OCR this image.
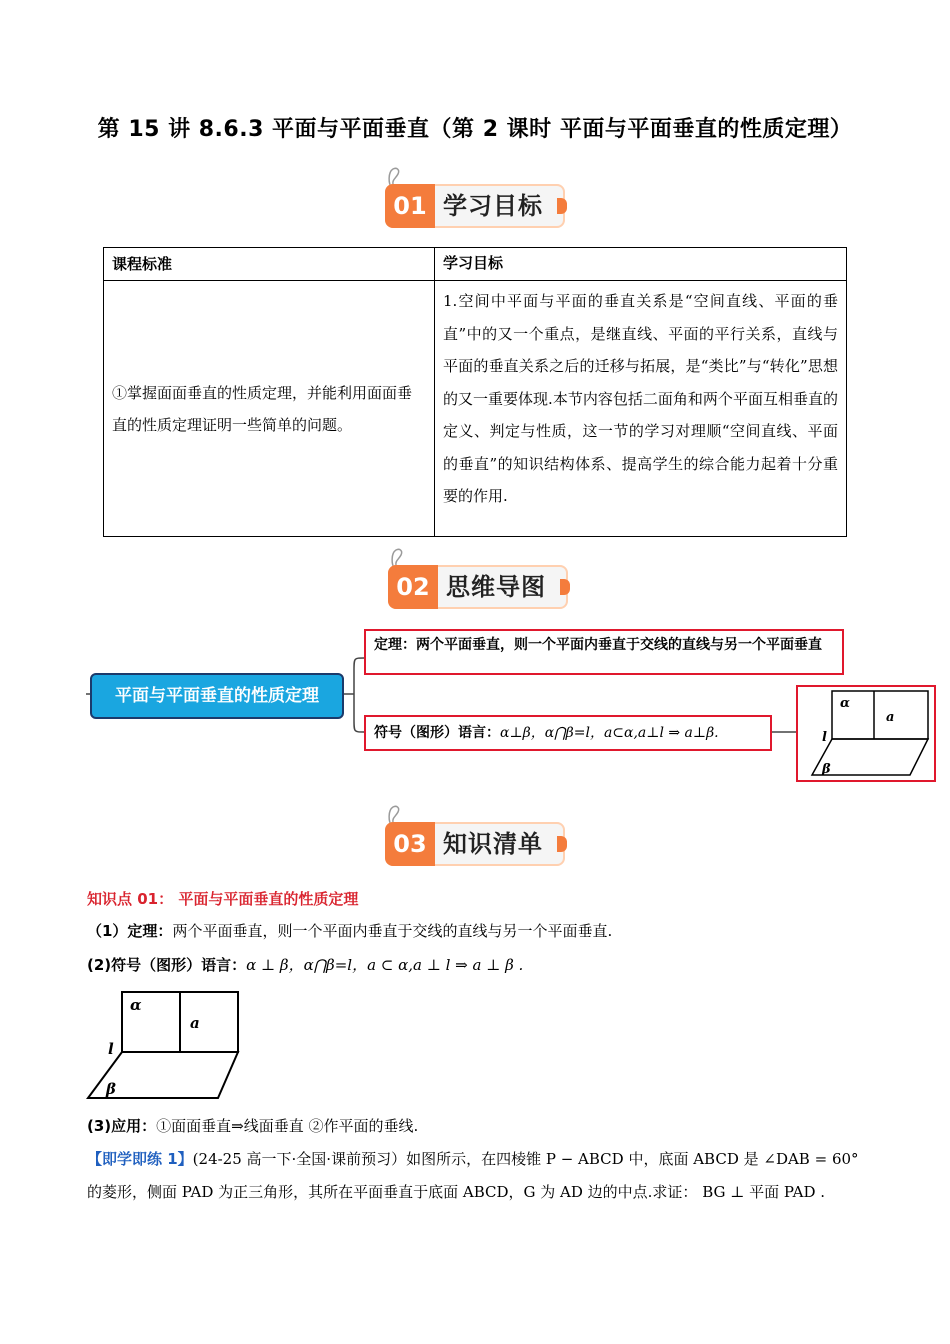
第 15 讲 8.6.3 平面与平面垂直（第 2 课时 平面与平面垂直的性质定理）
01 学习目标
课程标准	学习目标
①掌握面面垂直的性质定理，并能利用面面垂直的性质定理证明一些简单的问题。	1.空间中平面与平面的垂直关系是“空间直线、平面的垂直”中的又一个重点，是继直线、平面的平行关系，直线与平面的垂直关系之后的迁移与拓展，是“类比”与“转化”思想的又一重要体现.本节内容包括二面角和两个平面互相垂直的定义、判定与性质，这一节的学习对理顺“空间直线、平面的垂直”的知识结构体系、提高学生的综合能力起着十分重要的作用.
02 思维导图
平面与平面垂直的性质定理
定理：两个平面垂直，则一个平面内垂直于交线的直线与另一个平面垂直
符号（图形）语言：α⊥β，α⋂β=l，a⊂α,a⊥l ⇒ a⊥β.
α
a
l
β
03 知识清单
知识点 01： 平面与平面垂直的性质定理
（1）定理：两个平面垂直，则一个平面内垂直于交线的直线与另一个平面垂直.
(2)符号（图形）语言：α ⊥ β，α⋂β=l，a ⊂ α,a ⊥ l ⇒ a ⊥ β .
α
a
l
β
(3)应用：①面面垂直⇒线面垂直 ②作平面的垂线.
【即学即练 1】(24-25 高一下·全国·课前预习）如图所示，在四棱锥 P − ABCD 中，底面 ABCD 是 ∠DAB = 60°
的菱形，侧面 PAD 为正三角形，其所在平面垂直于底面 ABCD，G 为 AD 边的中点.求证： BG ⊥ 平面 PAD .
